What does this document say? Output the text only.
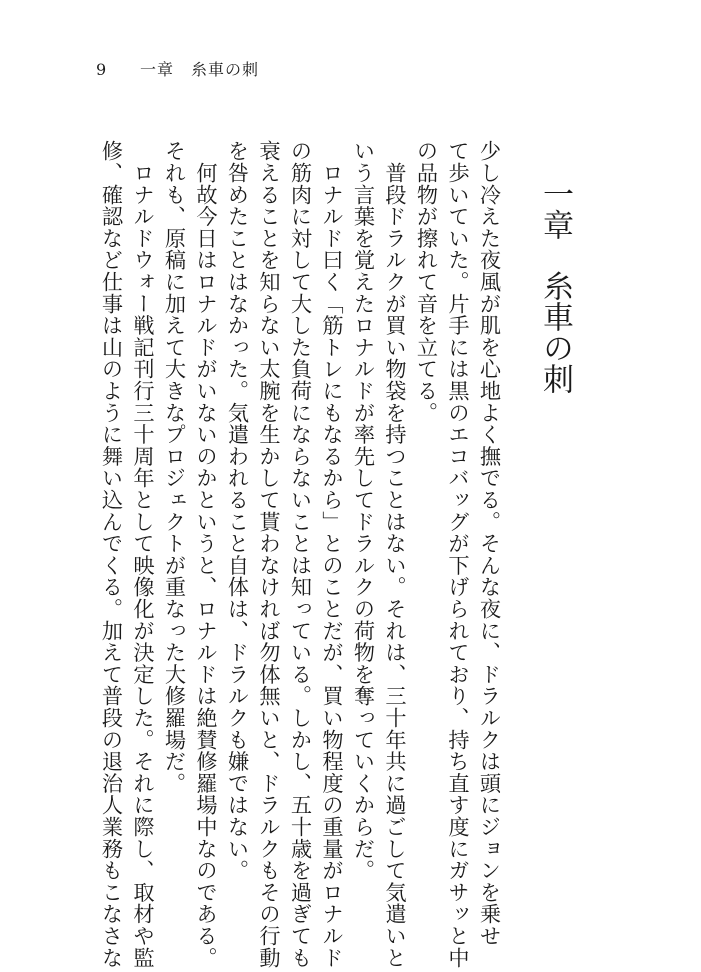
9 一章　糸車の刺
一章糸車の刺

少し冷えた夜風が肌を心地よく撫でる。そんな夜に、ドラルクは頭にジョンを乗せ

て歩いていた。片手には黒のエコバッグが下げられており、持ち直す度にガサッと中

の品物が擦れて音を立てる。

　普段ドラルクが買い物袋を持つことはない。それは、三十年共に過ごして気遣いと

いう言葉を覚えたロナルドが率先してドラルクの荷物を奪っていくからだ。

　ロナルド曰く「筋トレにもなるから」とのことだが、買い物程度の重量がロナルド

の筋肉に対して大した負荷にならないことは知っている。しかし、五十歳を過ぎても

衰えることを知らない太腕を生かして貰わなければ勿体無いと、ドラルクもその行動

を咎めたことはなかった。気遣われること自体は、ドラルクも嫌ではない。

　何故今日はロナルドがいないのかというと、ロナルドは絶賛修羅場中なのである。

それも、原稿に加えて大きなプロジェクトが重なった大修羅場だ。

　ロナルドウォー戦記刊行三十周年として映像化が決定した。それに際し、取材や監

修、確認など仕事は山のように舞い込んでくる。加えて普段の退治人業務もこなさな
